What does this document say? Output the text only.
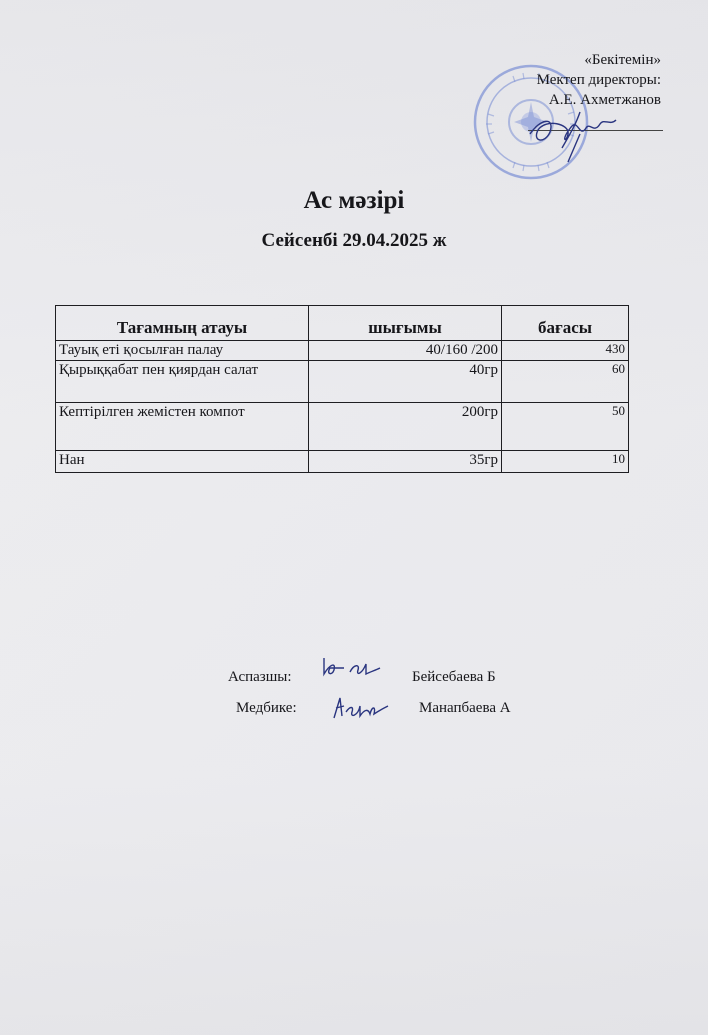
«Бекітемін»
Мектеп директоры:
А.Е. Ахметжанов
Ас мәзірі
Сейсенбі 29.04.2025 ж
Тағамның атауы	шығымы	бағасы
Тауық еті қосылған палау	40/160 /200	430
Қырыққабат пен қиярдан салат	40гр	60
Кептірілген жемістен компот	200гр	50
Нан	35гр	10
Аспазшы:	Бейсебаева Б
Медбике:	Манапбаева А
